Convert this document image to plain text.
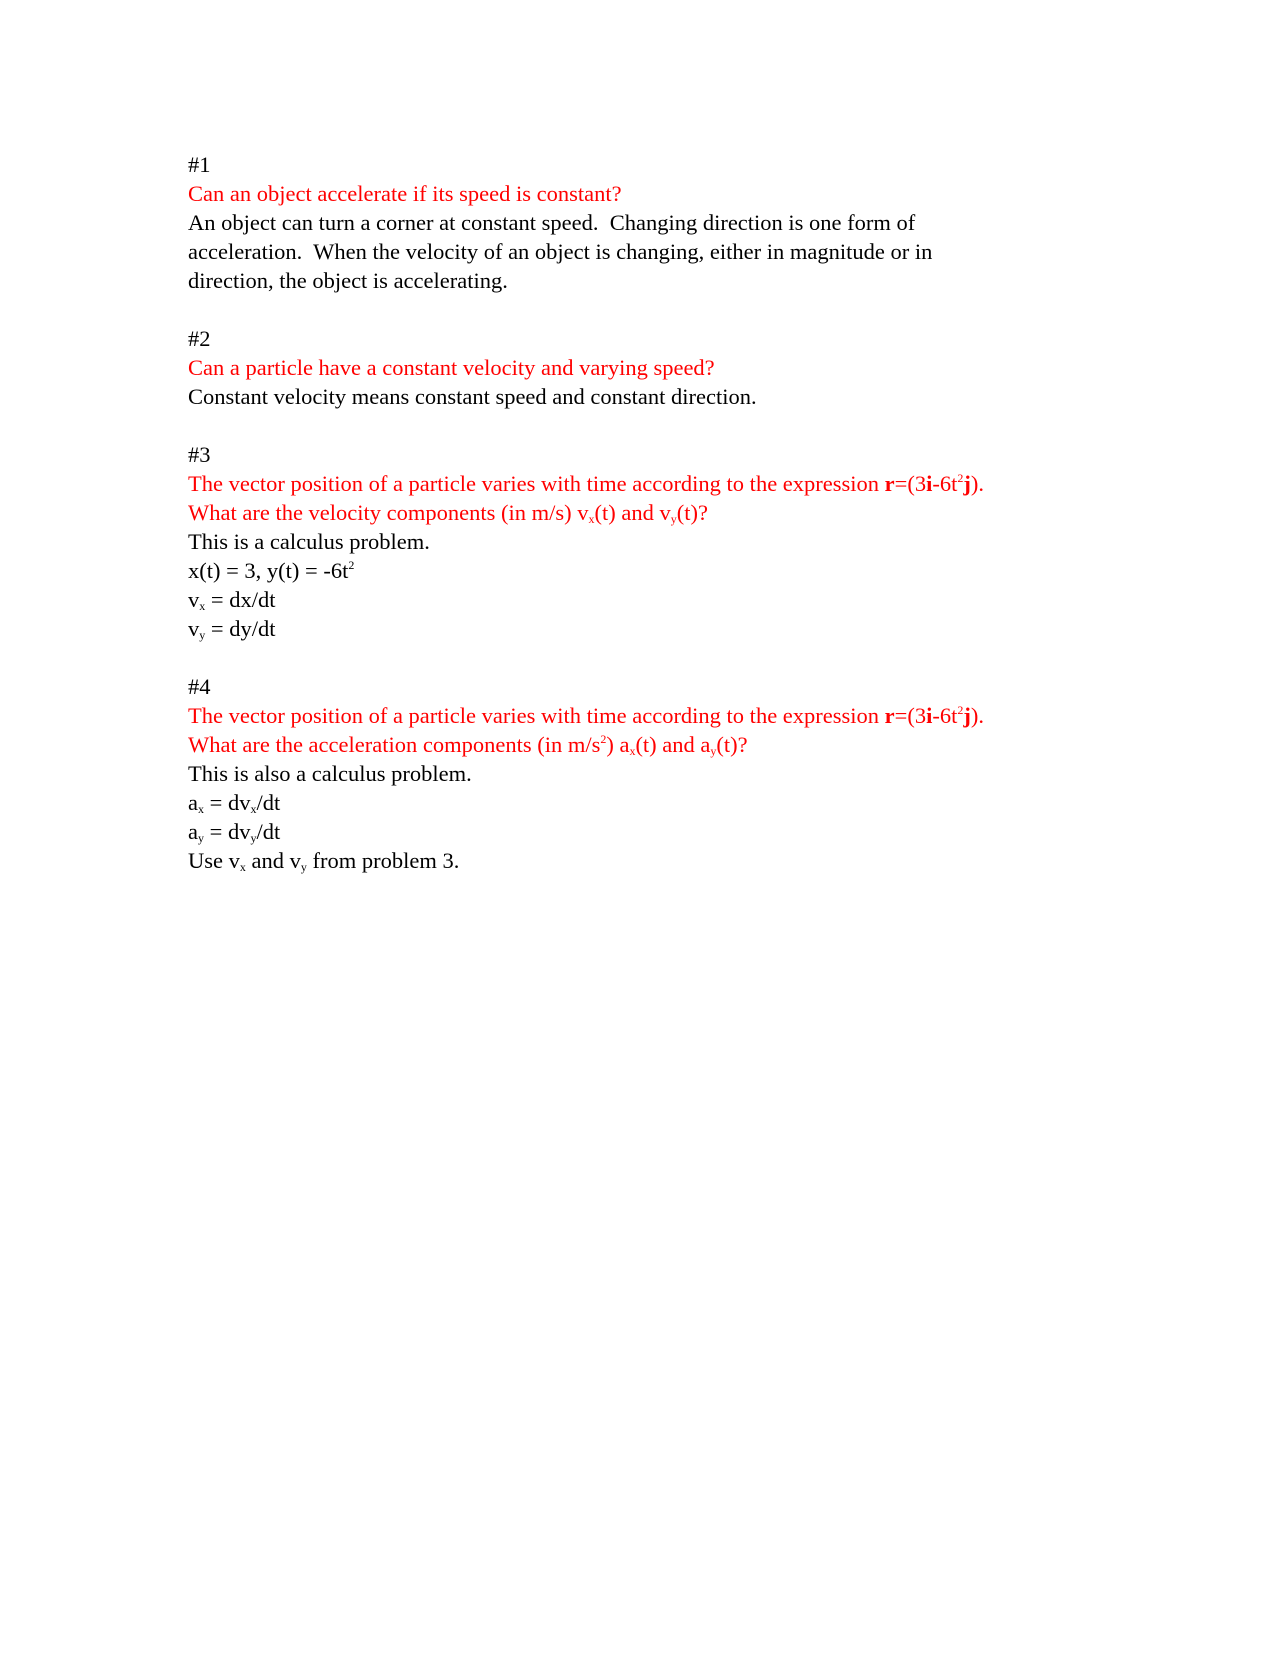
#1
Can an object accelerate if its speed is constant?
An object can turn a corner at constant speed.  Changing direction is one form of
acceleration.  When the velocity of an object is changing, either in magnitude or in
direction, the object is accelerating.
#2
Can a particle have a constant velocity and varying speed?
Constant velocity means constant speed and constant direction.
#3
The vector position of a particle varies with time according to the expression $r=(3i-6t^2j)$.
What are the velocity components (in m/s) $v_x(t)$ and $v_y(t)$?
This is a calculus problem.
x(t) = 3, $y(t) = -6t^2$
$v_x = dx/dt$
$v_y = dy/dt$
#4
The vector position of a particle varies with time according to the expression $r=(3i-6t^2j)$.
What are the acceleration components (in $m/s^2$) $a_x(t)$ and $a_y(t)$?
This is also a calculus problem.
$a_x = dv_x/dt$
$a_y = dv_y/dt$
Use $v_x$ and $v_y$ from problem 3.
